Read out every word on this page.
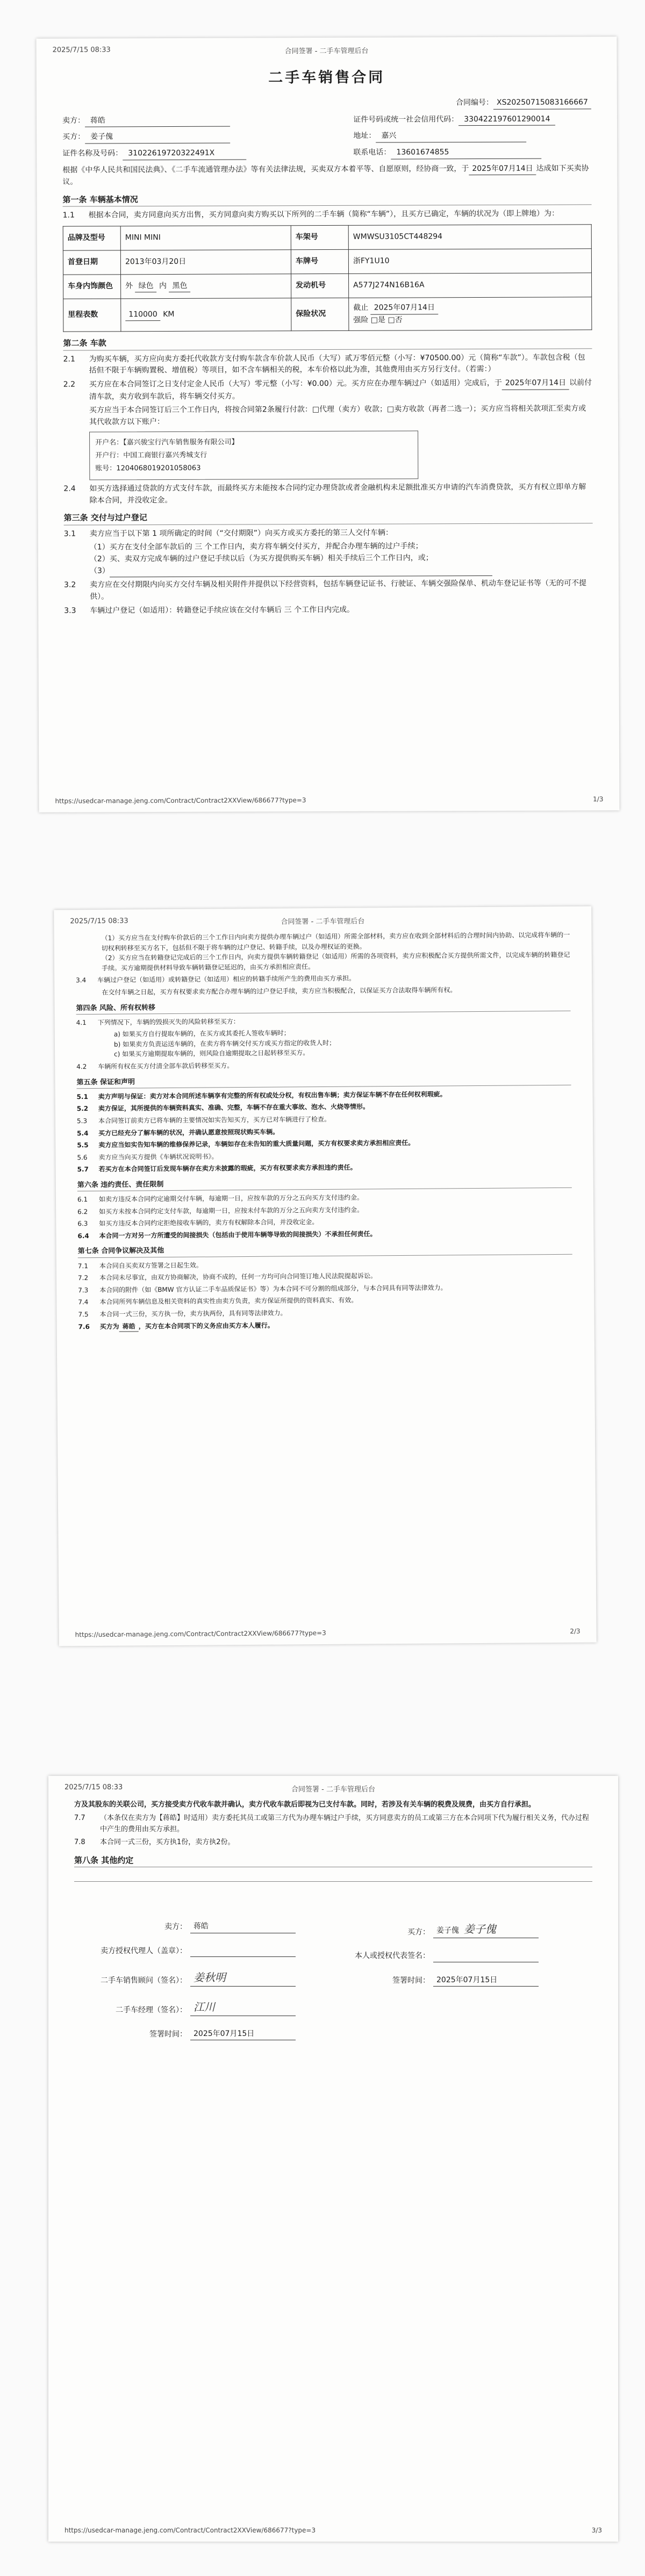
2025/7/15 08:33	合同签署 - 二手车管理后台
二手车销售合同
合同编号： XS20250715083166667
卖方： 蒋皓	证件号码或统一社会信用代码： 330422197601290014
买方： 姜子傀	地址： 嘉兴
证件名称及号码： 31022619720322491X	联系电话： 13601674855
根据《中华人民共和国民法典》、《二手车流通管理办法》等有关法律法规，买卖双方本着平等、自愿原则，经协商一致，于 2025年07月14日 达成如下买卖协议。
第一条 车辆基本情况
1.1	根据本合同，卖方同意向买方出售，买方同意向卖方购买以下所列的二手车辆（简称“车辆”），且买方已确定，车辆的状况为（即上牌地）为：
品牌及型号	MINI MINI	车架号	WMWSU3105CT448294
首登日期	2013年03月20日	车牌号	浙FY1U10
车身内饰颜色	外 绿色 内 黑色	发动机号	A577J274N16B16A
里程表数	110000 KM	保险状况	截止 2025年07月14日
强险 □是 □否
第二条 车款
2.1	为购买车辆，买方应向卖方委托代收款方支付购车款含车价款人民币（大写）贰万零佰元整（小写：¥70500.00）元（简称“车款”）。车款包含税（包括但不限于车辆购置税、增值税）等项目，如不含车辆相关的税，本车价格以此为准，其他费用由买方另行支付。（若需：）
2.2	买方应在本合同签订之日支付定金人民币（大写）零元整（小写：¥0.00）元。买方应在办理车辆过户（如适用）完成后，于 2025年07月14日 以前付清车款，卖方收到车款后，将车辆交付买方。
买方应当于本合同签订后三个工作日内，将按合同第2条履行付款：□代理（卖方）收款；□卖方收款（再者二选一）；买方应当将相关款项汇至卖方或其代收款方以下账户：
开户名：【嘉兴骏宝行汽车销售服务有限公司】
开户行：中国工商银行嘉兴秀城支行
账号：1204068019201058063
2.4	如买方选择通过贷款的方式支付车款，而最终买方未能按本合同约定办理贷款或者金融机构未足额批准买方申请的汽车消费贷款，买方有权立即单方解除本合同，并没收定金。
第三条 交付与过户登记
3.1	卖方应当于以下第 1 项所确定的时间（“交付期限”）向买方或买方委托的第三人交付车辆：
（1）买方在支付全部车款后的 三 个工作日内，卖方将车辆交付买方，并配合办理车辆的过户手续；
（2）买、卖双方完成车辆的过户登记手续以后（为买方提供购买车辆）相关手续后三个工作日内，或；
（3）
3.2	卖方应在交付期限内向买方交付车辆及相关附件并提供以下经营资料，包括车辆登记证书、行驶证、车辆交强险保单、机动车登记证书等（无的可不提供）。
3.3	车辆过户登记（如适用）：转籍登记手续应该在交付车辆后 三 个工作日内完成。
https://usedcar-manage.jeng.com/Contract/Contract2XXView/686677?type=3	1/3
2025/7/15 08:33	合同签署 - 二手车管理后台
（1）买方应当在支付购车价款后的三个工作日内向卖方提供办理车辆过户（如适用）所需全部材料，卖方应在收到全部材料后的合理时间内协助、以完成将车辆的一切权利转移至买方名下，包括但不限于将车辆的过户登记、转籍手续，以及办理权证的更换。
（2）买方应当在转籍登记完成后的三个工作日内，向卖方提供车辆转籍登记（如适用）所需的各项资料，卖方应积极配合买方提供所需文件，以完成车辆的转籍登记手续。买方逾期提供材料导致车辆转籍登记延迟的，由买方承担相应责任。
3.4	车辆过户登记（如适用）或转籍登记（如适用）相应的转籍手续所产生的费用由买方承担。
在交付车辆之日起，买方有权要求卖方配合办理车辆的过户登记手续，卖方应当积极配合，以保证买方合法取得车辆所有权。
第四条 风险、所有权转移
4.1	下列情况下，车辆的毁损灭失的风险转移至买方：
a) 如果买方自行提取车辆的，在买方或其委托人签收车辆时；
b) 如果卖方负责运送车辆的，在卖方将车辆交付买方或买方指定的收货人时；
c) 如果买方逾期提取车辆的，则风险自逾期提取之日起转移至买方。
4.2	车辆所有权在买方付清全部车款后转移至买方。
第五条 保证和声明
5.1	卖方声明与保证：卖方对本合同所述车辆享有完整的所有权或处分权，有权出售车辆；卖方保证车辆不存在任何权利瑕疵。
5.2	卖方保证，其所提供的车辆资料真实、准确、完整，车辆不存在重大事故、泡水、火烧等情形。
5.3	本合同签订前卖方已将车辆的主要情况如实告知买方，买方已对车辆进行了检查。
5.4	买方已经充分了解车辆的状况，并确认愿意按照现状购买车辆。
5.5	卖方应当如实告知车辆的维修保养记录，车辆如存在未告知的重大质量问题，买方有权要求卖方承担相应责任。
5.6	卖方应当向买方提供《车辆状况说明书》。
5.7	若买方在本合同签订后发现车辆存在卖方未披露的瑕疵，买方有权要求卖方承担违约责任。
第六条 违约责任、责任限制
6.1	如卖方违反本合同约定逾期交付车辆，每逾期一日，应按车款的万分之五向买方支付违约金。
6.2	如买方未按本合同约定支付车款，每逾期一日，应按未付车款的万分之五向卖方支付违约金。
6.3	如买方违反本合同约定拒绝接收车辆的，卖方有权解除本合同，并没收定金。
6.4	本合同一方对另一方所遭受的间接损失（包括由于使用车辆等导致的间接损失）不承担任何责任。
第七条 合同争议解决及其他
7.1	本合同自买卖双方签署之日起生效。
7.2	本合同未尽事宜，由双方协商解决，协商不成的，任何一方均可向合同签订地人民法院提起诉讼。
7.3	本合同的附件（如《BMW 官方认证二手车品质保证书》等）为本合同不可分割的组成部分，与本合同具有同等法律效力。
7.4	本合同所列车辆信息及相关资料的真实性由卖方负责，卖方保证所提供的资料真实、有效。
7.5	本合同一式三份，买方执一份，卖方执两份，具有同等法律效力。
7.6	买方为 蒋皓 ，买方在本合同项下的义务应由买方本人履行。
https://usedcar-manage.jeng.com/Contract/Contract2XXView/686677?type=3	2/3
2025/7/15 08:33	合同签署 - 二手车管理后台
方及其股东的关联公司，买方接受卖方代收车款并确认，卖方代收车款后即视为已支付车款。同时，若涉及有关车辆的税费及规费，由买方自行承担。
7.7	（本条仅在卖方为【蒋皓】时适用）卖方委托其员工或第三方代为办理车辆过户手续，买方同意卖方的员工或第三方在本合同项下代为履行相关义务，代办过程中产生的费用由买方承担。
7.8	本合同一式三份，买方执1份，卖方执2份。
第八条 其他约定
卖方： 蒋皓
卖方授权代理人（盖章）：
二手车销售顾问（签名）： 姜秋明
二手车经理（签名）： 江川
签署时间： 2025年07月15日
买方： 姜子傀 姜子傀
本人或授权代表签名：
签署时间： 2025年07月15日
https://usedcar-manage.jeng.com/Contract/Contract2XXView/686677?type=3	3/3
